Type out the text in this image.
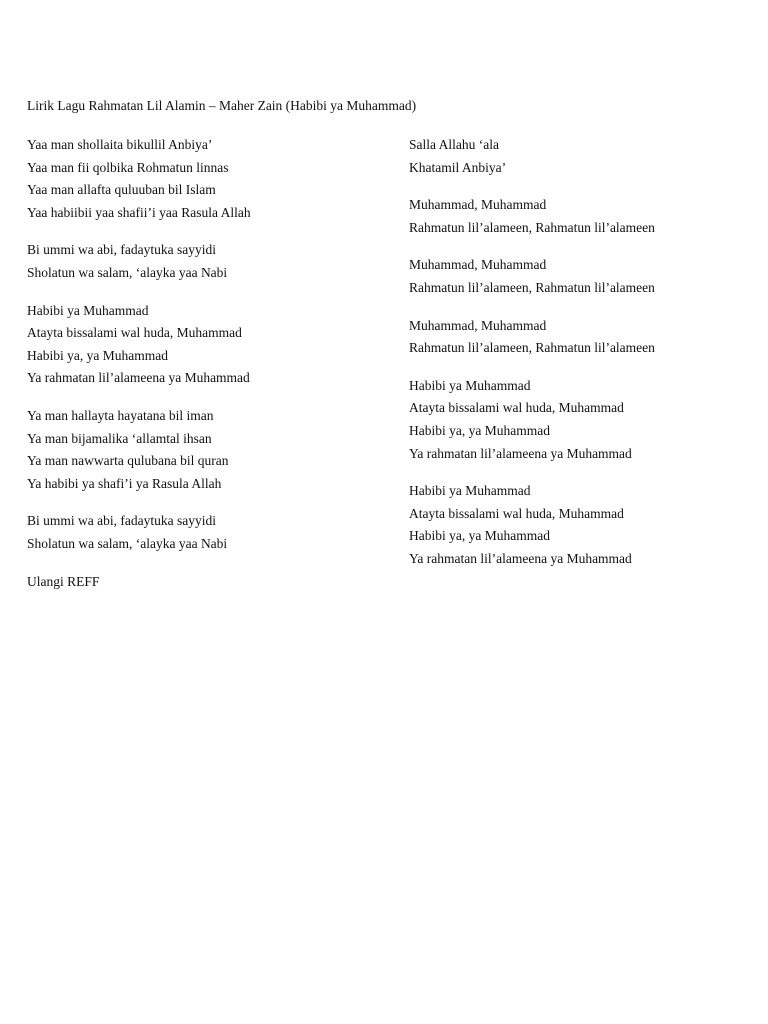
Lirik Lagu Rahmatan Lil Alamin – Maher Zain (Habibi ya Muhammad)
Yaa man shollaita bikullil Anbiya’
Yaa man fii qolbika Rohmatun linnas
Yaa man allafta quluuban bil Islam
Yaa habiibii yaa shafii’i yaa Rasula Allah
Bi ummi wa abi, fadaytuka sayyidi
Sholatun wa salam, ‘alayka yaa Nabi
Habibi ya Muhammad
Atayta bissalami wal huda, Muhammad
Habibi ya, ya Muhammad
Ya rahmatan lil’alameena ya Muhammad
Ya man hallayta hayatana bil iman
Ya man bijamalika ‘allamtal ihsan
Ya man nawwarta qulubana bil quran
Ya habibi ya shafi’i ya Rasula Allah
Bi ummi wa abi, fadaytuka sayyidi
Sholatun wa salam, ‘alayka yaa Nabi
Ulangi REFF
Salla Allahu ‘ala
Khatamil Anbiya’
Muhammad, Muhammad
Rahmatun lil’alameen, Rahmatun lil’alameen
Muhammad, Muhammad
Rahmatun lil’alameen, Rahmatun lil’alameen
Muhammad, Muhammad
Rahmatun lil’alameen, Rahmatun lil’alameen
Habibi ya Muhammad
Atayta bissalami wal huda, Muhammad
Habibi ya, ya Muhammad
Ya rahmatan lil’alameena ya Muhammad
Habibi ya Muhammad
Atayta bissalami wal huda, Muhammad
Habibi ya, ya Muhammad
Ya rahmatan lil’alameena ya Muhammad
